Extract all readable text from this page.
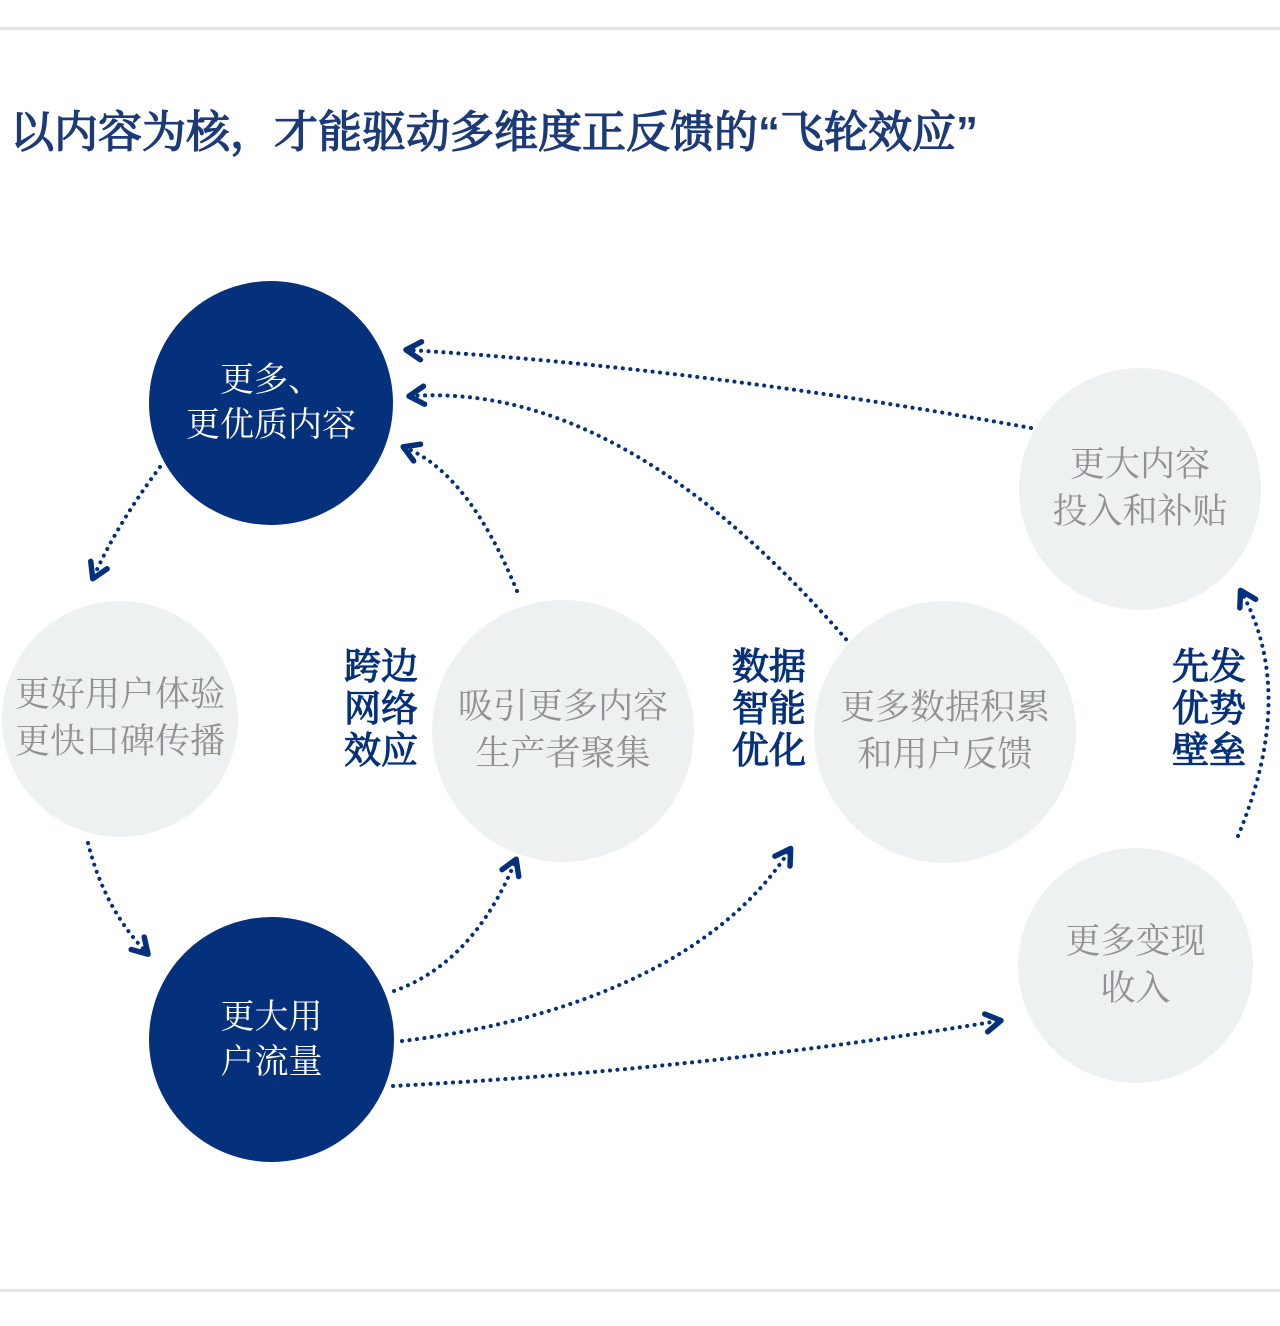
以内容为核，才能驱动多维度正反馈的“飞轮效应”
更多、
更优质内容
更好用户体验
更快口碑传播
吸引更多内容
生产者聚集
更多数据积累
和用户反馈
更大内容
投入和补贴
更多变现
收入
更大用
户流量
跨边
网络
效应
数据
智能
优化
先发
优势
壁垒
